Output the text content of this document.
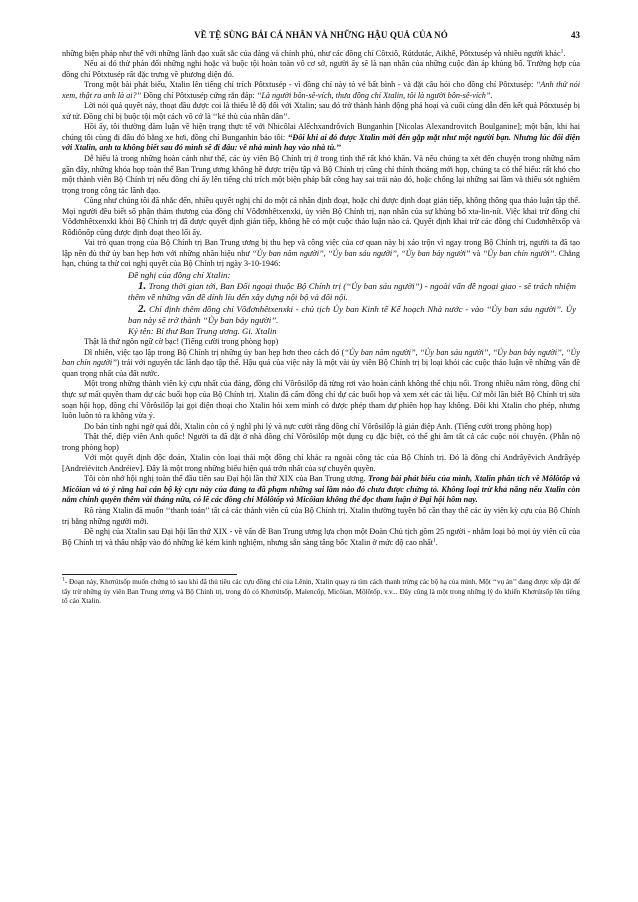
VỀ TỆ SÙNG BÁI CÁ NHÂN VÀ NHỮNG HẬU QUẢ CỦA NÓ	43

những biện pháp như thế với những lãnh đạo xuất sắc của đảng và chính phủ, như các đồng chí Côtxiô, Rútdutác, Aikhê, Pôtxtusép và nhiều người khác$^1$.

Nếu ai đó thử phản đối những nghi hoặc và buộc tội hoàn toàn vô cơ sở, người ấy sẽ là nạn nhân của những cuộc đàn áp khủng bố. Trường hợp của đồng chí Pôtxtusép rất đặc trưng về phương diện đó.

Trong một bài phát biểu, Xtalin lên tiếng chỉ trích Pôtxtusép - vì đồng chí này tỏ vẻ bất bình - và đặt câu hỏi cho đồng chí Pôtxtusép: ‘‘Anh thử nói xem, thật ra anh là ai?’’ Đồng chí Pôtxtusép cứng rắn đáp: ‘‘Là người bôn-sê-vích, thưa đồng chí Xtalin, tôi là người bôn-sê-vích’’.

Lời nói quả quyết này, thoạt đầu được coi là thiếu lễ độ đối với Xtalin; sau đó trở thành hành động phá hoại và cuối cùng dẫn đến kết quả Pôtxtusép bị xử tử. Đồng chí bị buộc tội một cách vô cớ là ‘‘kẻ thù của nhân dân’’.

Hồi ấy, tôi thường đàm luận về hiện trạng thực tế với Nhicôlai Alếchxanđrôvích Bunganhin [Nicolas Alexandrovitch Boulganine]; một bận, khi hai chúng tôi cùng đi đâu đó bằng xe hơi, đồng chí Bunganhin bảo tôi: ‘‘Đôi khi ai đó được Xtalin mời đến gặp mặt như một người bạn. Nhưng lúc đối diện với Xtalin, anh ta không biết sau đó mình sẽ đi đâu: về nhà mình hay vào nhà tù.’’

Dễ hiểu là trong những hoàn cảnh như thế, các ủy viên Bộ Chính trị ở trong tình thế rất khó khăn. Và nếu chúng ta xét đến chuyện trong những năm gần đây, những khóa họp toàn thể Ban Trung ương không hề được triệu tập và Bộ Chính trị cũng chỉ thỉnh thoảng mới họp, chúng ta có thể hiểu: rất khó cho một thành viên Bộ Chính trị nếu đồng chí ấy lên tiếng chỉ trích một biện pháp bất công hay sai trái nào đó, hoặc chống lại những sai lầm và thiếu sót nghiêm trọng trong công tác lãnh đạo.

Cũng như chúng tôi đã nhắc đến, nhiều quyết nghị chỉ do một cá nhân định đoạt, hoặc chỉ được định đoạt gián tiếp, không thông qua thảo luận tập thể. Mọi người đều biết số phận thảm thương của đồng chí Vôđơnhêtxenxki, ủy viên Bộ Chính trị, nạn nhân của sự khủng bố xta-lin-nít. Việc khai trừ đồng chí Vôđơnhêtxenxki khỏi Bộ Chính trị đã được quyết định gián tiếp, không hề có một cuộc thảo luận nào cả. Quyết định khai trừ các đồng chí Cuđơnhêtxốp và Rôđiônốp cũng được định đoạt theo lối ấy.

Vai trò quan trọng của Bộ Chính trị Ban Trung ương bị thu hẹp và công việc của cơ quan này bị xáo trộn vì ngay trong Bộ Chính trị, người ta đã tạo lập nên đủ thứ ủy ban hẹp hơn với những nhãn hiệu như ‘‘Ủy ban năm người’’, ‘‘Ủy ban sáu người’’, ‘‘Ủy ban bảy người’’ và ‘‘Ủy ban chín người’’. Chẳng hạn, chúng ta thử coi nghị quyết của Bộ Chính trị ngày 3-10-1946:

Đề nghị của đồng chí Xtalin:

1. Trong thời gian tới, Ban Đối ngoại thuộc Bộ Chính trị (‘‘Ủy ban sáu người’’) - ngoài vấn đề ngoại giao - sẽ trách nhiệm thêm về những vấn đề dính líu đến xây dựng nội bộ và đối nội.

2. Chỉ định thêm đồng chí Vôđơnhêtxenxki - chủ tịch Ủy ban Kinh tế Kế hoạch Nhà nước - vào ‘‘Ủy ban sáu người’’. Ủy ban này sẽ trở thành ‘‘Ủy ban bảy người’’.

Ký tên: Bí thư Ban Trung ương. Gi. Xtalin

Thật là thứ ngôn ngữ cờ bạc! (Tiếng cười trong phòng họp)

Dĩ nhiên, việc tạo lập trong Bộ Chính trị những ủy ban hẹp hơn theo cách đó (‘‘Ủy ban năm người’’, ‘‘Ủy ban sáu người’’, ‘‘Ủy ban bảy người’’, ‘‘Ủy ban chín người’’) trái với nguyên tắc lãnh đạo tập thể. Hậu quả của việc này là một vài ủy viên Bộ Chính trị bị loại khỏi các cuộc thảo luận về những vấn đề quan trọng nhất của đất nước.

Một trong những thành viên kỳ cựu nhất của đảng, đồng chí Vôrôsilốp đã từng rơi vào hoàn cảnh không thể chịu nổi. Trong nhiều năm ròng, đồng chí thực sự mất quyền tham dự các buổi họp của Bộ Chính trị. Xtalin đã cấm đồng chí dự các buổi họp và xem xét các tài liệu. Cứ mỗi lần biết Bộ Chính trị sửa soạn hội họp, đồng chí Vôrôsilốp lại gọi điện thoại cho Xtalin hỏi xem mình có được phép tham dự phiên họp hay không. Đôi khi Xtalin cho phép, nhưng luôn luôn tỏ ra không vừa ý.

Do bản tính nghi ngờ quá đỗi, Xtalin còn có ý nghĩ phi lý và nực cười rằng đồng chí Vôrôsilốp là gián điệp Anh. (Tiếng cười trong phòng họp)

Thật thế, điệp viên Anh quốc! Người ta đã đặt ở nhà đồng chí Vôrôsilốp một dụng cụ đặc biệt, có thể ghi âm tất cả các cuộc nói chuyện. (Phẫn nộ trong phòng họp)

Với một quyết định độc đoán, Xtalin còn loại thải một đồng chí khác ra ngoài công tác của Bộ Chính trị. Đó là đồng chí Anđrâyêvich Anđrâyép [Andreïévitch Andréiev]. Đây là một trong những biểu hiện quá trớn nhất của sự chuyên quyền.

Tôi còn nhớ hội nghị toàn thể đầu tiên sau Đại hội lần thứ XIX của Ban Trung ương. Trong bài phát biểu của mình, Xtalin phân tích về Môlôtốp và Micôian và tỏ ý rằng hai cán bộ kỳ cựu này của đảng ta đã phạm những sai lầm nào đó chưa được chứng tỏ. Không loại trừ khả năng nếu Xtalin còn nắm chính quyền thêm vài tháng nữa, có lẽ các đồng chí Môlôtốp và Micôian không thể đọc tham luận ở Đại hội hôm nay.

Rõ ràng Xtalin đã muốn ‘‘thanh toán’’ tất cả các thành viên cũ của Bộ Chính trị. Xtalin thường tuyên bố cần thay thế các ủy viên kỳ cựu của Bộ Chính trị bằng những người mới.

Đề nghị của Xtalin sau Đại hội lần thứ XIX - về vấn đề Ban Trung ương lựa chọn một Đoàn Chủ tịch gồm 25 người - nhằm loại bỏ mọi ủy viên cũ của Bộ Chính trị và thâu nhập vào đó những kẻ kém kinh nghiệm, nhưng sẵn sàng tâng bốc Xtalin ở mức độ cao nhất$^1$.

$^1$- Đoạn này, Khơrútsốp muốn chứng tỏ sau khi đã thủ tiêu các cựu đồng chí của Lênin, Xtalin quay ra tìm cách thanh trừng các bộ hạ của mình. Một ‘‘vụ án’’ đang được xếp đặt để tẩy trừ những ủy viên Ban Trung ương và Bộ Chính trị, trong đó có Khơrútsốp, Malencốp, Micôian, Môlôtốp, v.v... Đây cũng là một trong những lý do khiến Khơrútsốp lên tiếng tố cáo Xtalin.
